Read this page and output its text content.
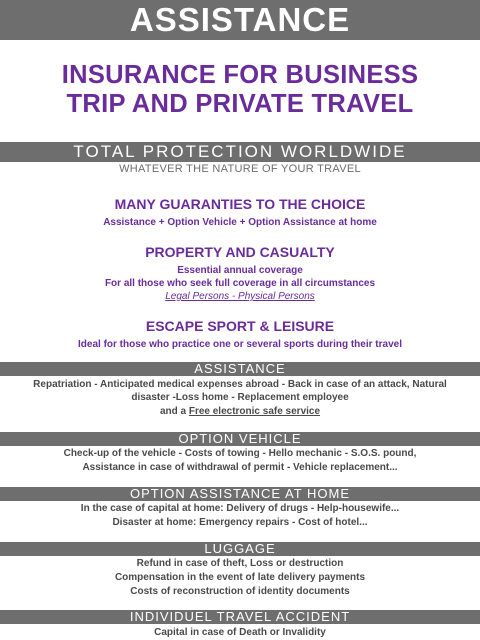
ASSISTANCE
INSURANCE FOR BUSINESS
TRIP AND PRIVATE TRAVEL
TOTAL PROTECTION WORLDWIDE
WHATEVER THE NATURE OF YOUR TRAVEL
MANY GUARANTIES TO THE CHOICE
Assistance + Option Vehicle + Option Assistance at home
PROPERTY AND CASUALTY
Essential annual coverage
For all those who seek full coverage in all circumstances
Legal Persons - Physical Persons
ESCAPE SPORT & LEISURE
Ideal for those who practice one or several sports during their travel
ASSISTANCE
Repatriation - Anticipated medical expenses abroad - Back in case of an attack, Natural
disaster -Loss home - Replacement employee
and a Free electronic safe service
OPTION VEHICLE
Check-up of the vehicle - Costs of towing - Hello mechanic - S.O.S. pound,
Assistance in case of withdrawal of permit - Vehicle replacement...
OPTION ASSISTANCE AT HOME
In the case of capital at home: Delivery of drugs - Help-housewife...
Disaster at home: Emergency repairs - Cost of hotel...
LUGGAGE
Refund in case of theft, Loss or destruction
Compensation in the event of late delivery payments
Costs of reconstruction of identity documents
INDIVIDUEL TRAVEL ACCIDENT
Capital in case of Death or Invalidity
